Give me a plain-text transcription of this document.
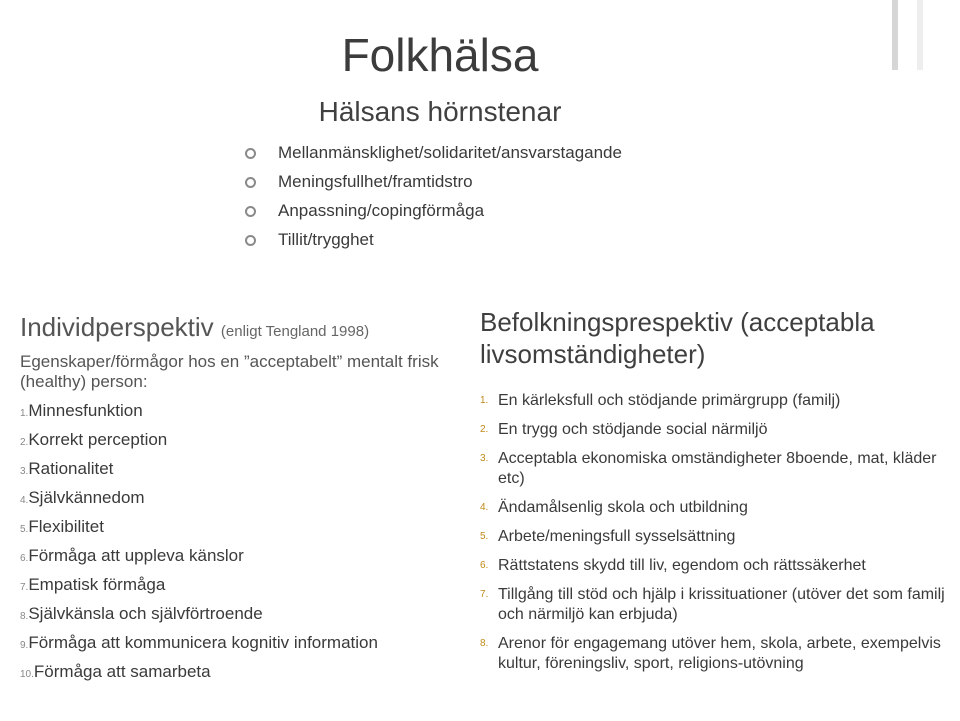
Folkhälsa
Hälsans hörnstenar
Mellanmänsklighet/solidaritet/ansvarstagande
Meningsfullhet/framtidstro
Anpassning/copingförmåga
Tillit/trygghet
Individperspektiv (enligt Tengland 1998)
Egenskaper/förmågor hos en ”acceptabelt” mentalt frisk (healthy) person:
1. Minnesfunktion
2. Korrekt perception
3. Rationalitet
4. Självkännedom
5. Flexibilitet
6. Förmåga att uppleva känslor
7. Empatisk förmåga
8. Självkänsla och självförtroende
9. Förmåga att kommunicera kognitiv information
10. Förmåga att samarbeta
Befolkningsprespektiv (acceptabla livsomständigheter)
1. En kärleksfull och stödjande primärgrupp (familj)
2. En trygg och stödjande social närmiljö
3. Acceptabla ekonomiska omständigheter 8boende, mat, kläder etc)
4. Ändamålsenlig skola och utbildning
5. Arbete/meningsfull sysselsättning
6. Rättstatens skydd till liv, egendom och rättssäkerhet
7. Tillgång till stöd och hjälp i krissituationer (utöver det som familj och närmiljö kan erbjuda)
8. Arenor för engagemang utöver hem, skola, arbete, exempelvis kultur, föreningsliv, sport, religions-utövning
